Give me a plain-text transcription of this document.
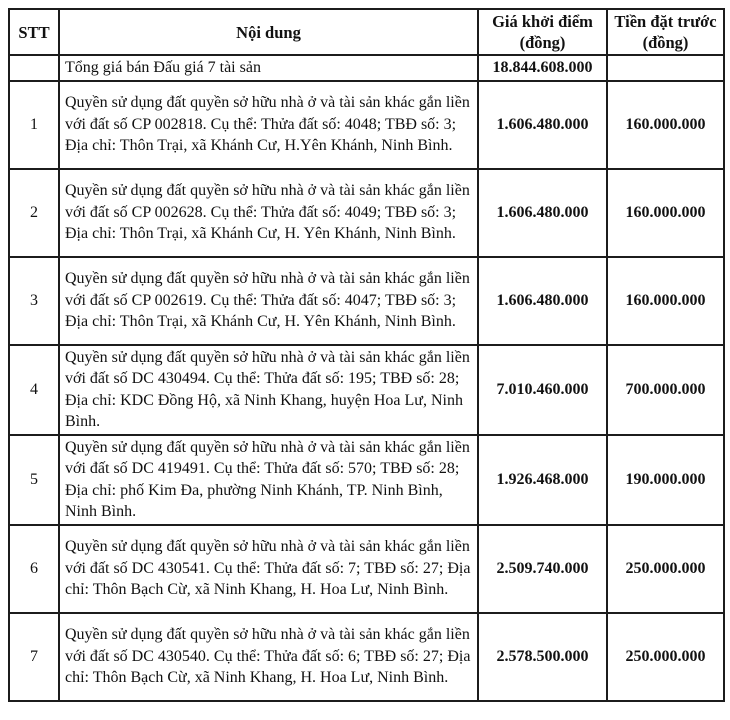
STT	Nội dung	Giá khởi điểm (đồng)	Tiền đặt trước (đồng)
	Tổng giá bán Đấu giá 7 tài sản	18.844.608.000	
1	Quyền sử dụng đất quyền sở hữu nhà ở và tài sản khác gắn liền với đất số CP 002818. Cụ thể: Thửa đất số: 4048; TBĐ số: 3; Địa chỉ: Thôn Trại, xã Khánh Cư, H.Yên Khánh, Ninh Bình.	1.606.480.000	160.000.000
2	Quyền sử dụng đất quyền sở hữu nhà ở và tài sản khác gắn liền với đất số CP 002628. Cụ thể: Thửa đất số: 4049; TBĐ số: 3; Địa chỉ: Thôn Trại, xã Khánh Cư, H. Yên Khánh, Ninh Bình.	1.606.480.000	160.000.000
3	Quyền sử dụng đất quyền sở hữu nhà ở và tài sản khác gắn liền với đất số CP 002619. Cụ thể: Thửa đất số: 4047; TBĐ số: 3; Địa chỉ: Thôn Trại, xã Khánh Cư, H. Yên Khánh, Ninh Bình.	1.606.480.000	160.000.000
4	Quyền sử dụng đất quyền sở hữu nhà ở và tài sản khác gắn liền với đất số DC 430494. Cụ thể: Thửa đất số: 195; TBĐ số: 28; Địa chỉ: KDC Đồng Hộ, xã Ninh Khang, huyện Hoa Lư, Ninh Bình.	7.010.460.000	700.000.000
5	Quyền sử dụng đất quyền sở hữu nhà ở và tài sản khác gắn liền với đất số DC 419491. Cụ thể: Thửa đất số: 570; TBĐ số: 28; Địa chỉ: phố Kim Đa, phường Ninh Khánh, TP. Ninh Bình, Ninh Bình.	1.926.468.000	190.000.000
6	Quyền sử dụng đất quyền sở hữu nhà ở và tài sản khác gắn liền với đất số DC 430541. Cụ thể: Thửa đất số: 7; TBĐ số: 27; Địa chỉ: Thôn Bạch Cừ, xã Ninh Khang, H. Hoa Lư, Ninh Bình.	2.509.740.000	250.000.000
7	Quyền sử dụng đất quyền sở hữu nhà ở và tài sản khác gắn liền với đất số DC 430540. Cụ thể: Thửa đất số: 6; TBĐ số: 27; Địa chỉ: Thôn Bạch Cừ, xã Ninh Khang, H. Hoa Lư, Ninh Bình.	2.578.500.000	250.000.000
